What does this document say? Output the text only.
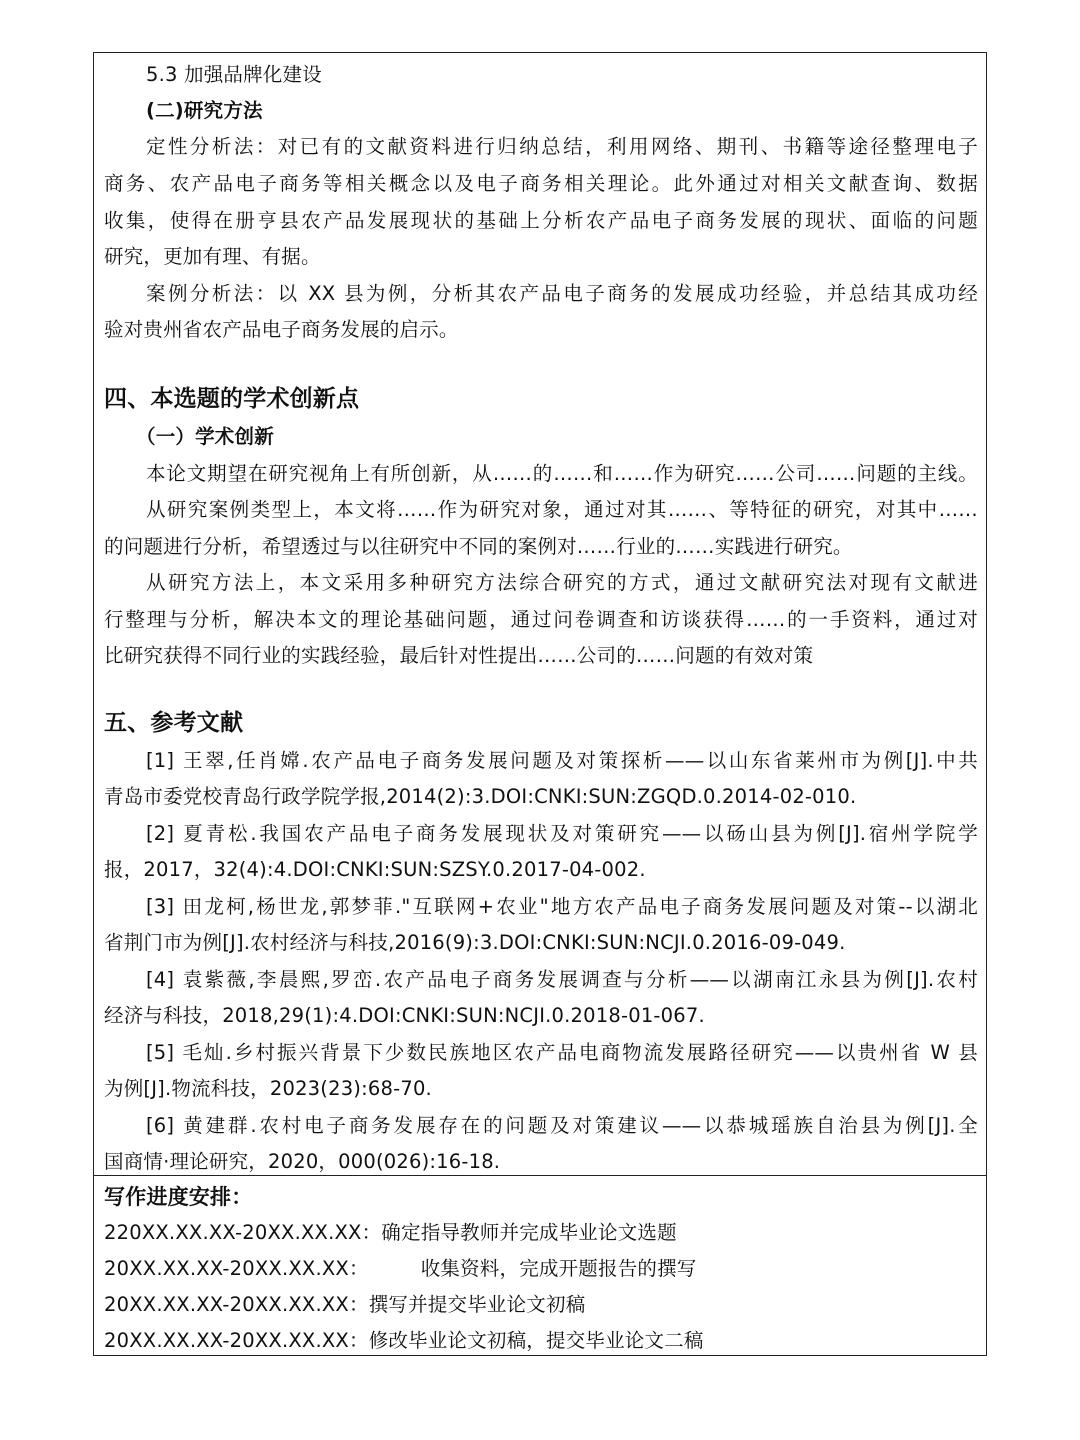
5.3 加强品牌化建设
(二)研究方法
定性分析法：对已有的文献资料进行归纳总结，利用网络、期刊、书籍等途径整理电子
商务、农产品电子商务等相关概念以及电子商务相关理论。此外通过对相关文献查询、数据
收集，使得在册亨县农产品发展现状的基础上分析农产品电子商务发展的现状、面临的问题
研究，更加有理、有据。
案例分析法：以 XX 县为例，分析其农产品电子商务的发展成功经验，并总结其成功经
验对贵州省农产品电子商务发展的启示。
四、本选题的学术创新点
（一）学术创新
本论文期望在研究视角上有所创新，从……的……和……作为研究……公司……问题的主线。
从研究案例类型上，本文将……作为研究对象，通过对其……、等特征的研究，对其中……
的问题进行分析，希望透过与以往研究中不同的案例对……行业的……实践进行研究。
从研究方法上，本文采用多种研究方法综合研究的方式，通过文献研究法对现有文献进
行整理与分析，解决本文的理论基础问题，通过问卷调查和访谈获得……的一手资料，通过对
比研究获得不同行业的实践经验，最后针对性提出……公司的……问题的有效对策
五、参考文献
[1] 王翠,任肖嫦.农产品电子商务发展问题及对策探析——以山东省莱州市为例[J].中共
青岛市委党校青岛行政学院学报,2014(2):3.DOI:CNKI:SUN:ZGQD.0.2014-02-010.
[2] 夏青松.我国农产品电子商务发展现状及对策研究——以砀山县为例[J].宿州学院学
报，2017，32(4):4.DOI:CNKI:SUN:SZSY.0.2017-04-002.
[3] 田龙柯,杨世龙,郭梦菲."互联网+农业"地方农产品电子商务发展问题及对策--以湖北
省荆门市为例[J].农村经济与科技,2016(9):3.DOI:CNKI:SUN:NCJI.0.2016-09-049.
[4] 袁紫薇,李晨熙,罗峦.农产品电子商务发展调查与分析——以湖南江永县为例[J].农村
经济与科技，2018,29(1):4.DOI:CNKI:SUN:NCJI.0.2018-01-067.
[5] 毛灿.乡村振兴背景下少数民族地区农产品电商物流发展路径研究——以贵州省 W 县
为例[J].物流科技，2023(23):68-70.
[6] 黄建群.农村电子商务发展存在的问题及对策建议——以恭城瑶族自治县为例[J].全
国商情·理论研究，2020，000(026):16-18.
写作进度安排：
220XX.XX.XX-20XX.XX.XX：确定指导教师并完成毕业论文选题
20XX.XX.XX-20XX.XX.XX：	收集资料，完成开题报告的撰写
20XX.XX.XX-20XX.XX.XX：撰写并提交毕业论文初稿
20XX.XX.XX-20XX.XX.XX：修改毕业论文初稿，提交毕业论文二稿
